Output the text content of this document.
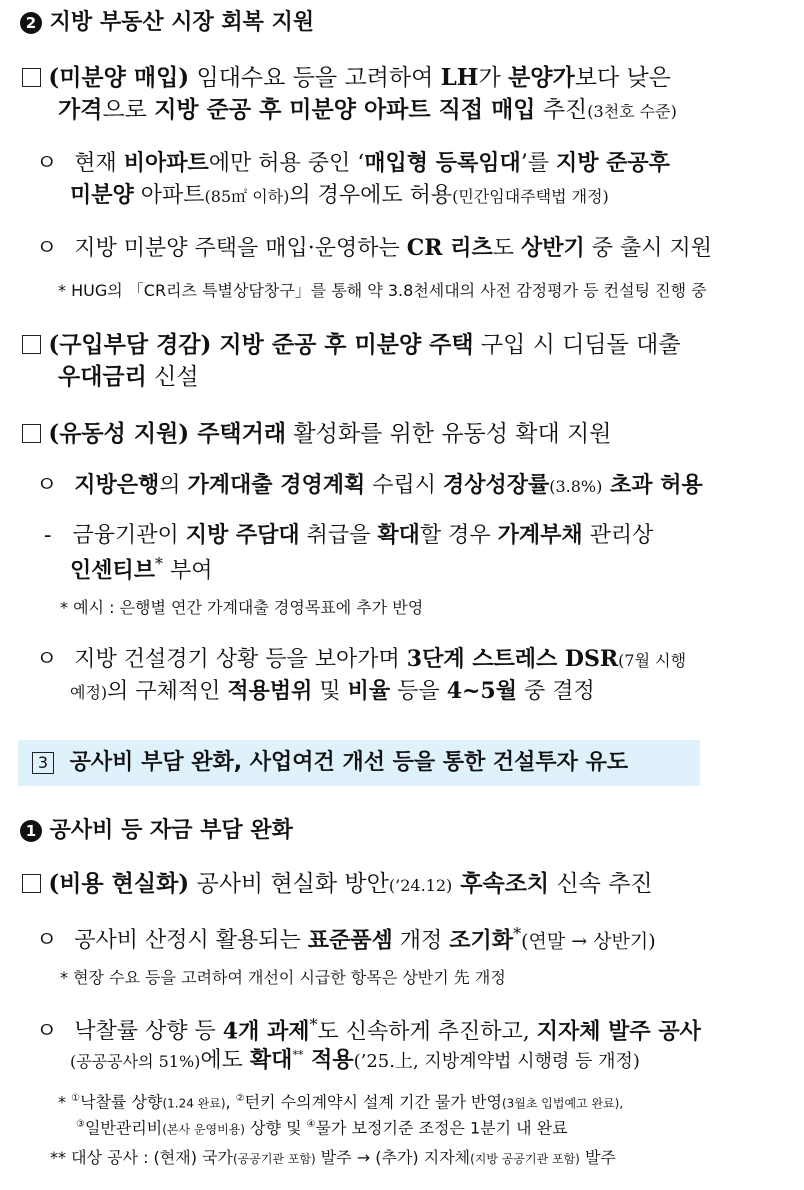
2 지방 부동산 시장 회복 지원
(미분양 매입) 임대수요 등을 고려하여 LH가 분양가보다 낮은
가격으로 지방 준공 후 미분양 아파트 직접 매입 추진(3천호 수준)
ㅇ 현재 비아파트에만 허용 중인 ‘매입형 등록임대’를 지방 준공후
미분양 아파트(85㎡ 이하)의 경우에도 허용(민간임대주택법 개정)
ㅇ 지방 미분양 주택을 매입·운영하는 CR 리츠도 상반기 중 출시 지원
* HUG의 「CR리츠 특별상담창구」를 통해 약 3.8천세대의 사전 감정평가 등 컨설팅 진행 중
(구입부담 경감) 지방 준공 후 미분양 주택 구입 시 디딤돌 대출
우대금리 신설
(유동성 지원) 주택거래 활성화를 위한 유동성 확대 지원
ㅇ 지방은행의 가계대출 경영계획 수립시 경상성장률(3.8%) 초과 허용
- 금융기관이 지방 주담대 취급을 확대할 경우 가계부채 관리상
인센티브* 부여
* 예시 : 은행별 연간 가계대출 경영목표에 추가 반영
ㅇ 지방 건설경기 상황 등을 보아가며 3단계 스트레스 DSR(7월 시행
예정)의 구체적인 적용범위 및 비율 등을 4~5월 중 결정
3 공사비 부담 완화, 사업여건 개선 등을 통한 건설투자 유도
1 공사비 등 자금 부담 완화
(비용 현실화) 공사비 현실화 방안(’24.12) 후속조치 신속 추진
ㅇ 공사비 산정시 활용되는 표준품셈 개정 조기화*(연말 → 상반기)
* 현장 수요 등을 고려하여 개선이 시급한 항목은 상반기 先 개정
ㅇ 낙찰률 상향 등 4개 과제*도 신속하게 추진하고, 지자체 발주 공사
(공공공사의 51%)에도 확대** 적용(’25.上, 지방계약법 시행령 등 개정)
* ①낙찰률 상향(1.24 완료), ②턴키 수의계약시 설계 기간 물가 반영(3월초 입법예고 완료),
③일반관리비(본사 운영비용) 상향 및 ④물가 보정기준 조정은 1분기 내 완료
** 대상 공사 : (현재) 국가(공공기관 포함) 발주 → (추가) 지자체(지방 공공기관 포함) 발주
